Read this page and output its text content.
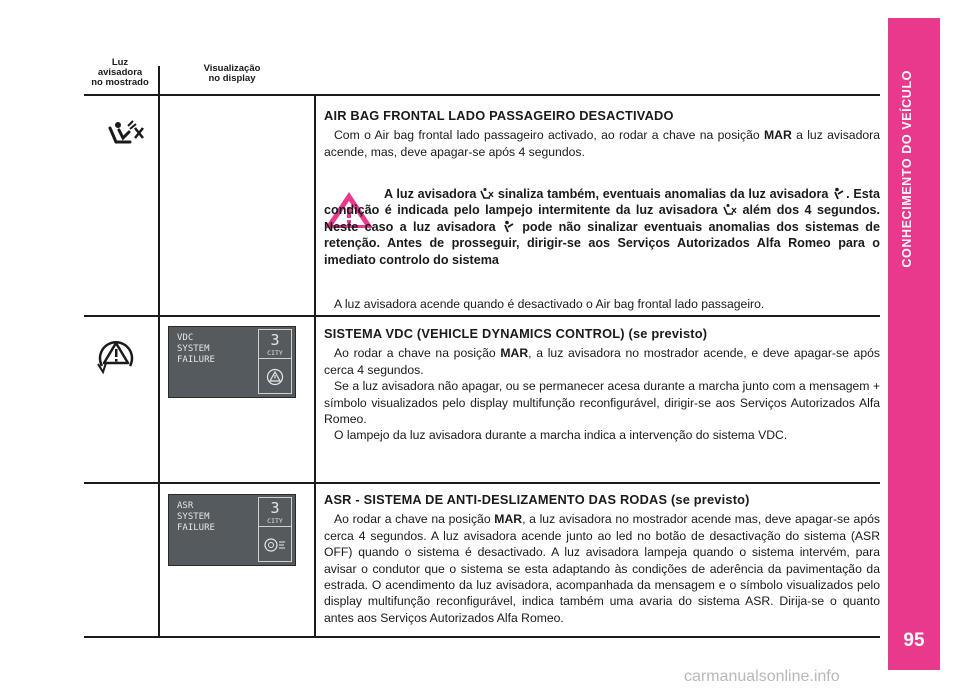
CONHECIMENTO DO VEÍCULO
95
Luz
avisadora
no mostrado
Visualização
no display
AIR BAG FRONTAL LADO PASSAGEIRO DESACTIVADO

Com o Air bag frontal lado passageiro activado, ao rodar a chave na posição MAR a luz avisadora acende, mas, deve apagar-se após 4 segundos.

A luz avisadora  sinaliza também, eventuais anomalias da luz avisadora . Esta condição é indicada pelo lampejo intermitente da luz avisadora  além dos 4 segundos. Neste caso a luz avisadora  pode não sinalizar eventuais anomalias dos sistemas de retenção. Antes de prosseguir, dirigir-se aos Serviços Autorizados Alfa Romeo para o imediato controlo do sistema

A luz avisadora acende quando é desactivado o Air bag frontal lado passageiro.

VDC
SYSTEM
FAILURE
3
CITY
SISTEMA VDC (VEHICLE DYNAMICS CONTROL) (se previsto)

Ao rodar a chave na posição MAR, a luz avisadora no mostrador acende, e deve apagar-se após cerca 4 segundos.

Se a luz avisadora não apagar, ou se permanecer acesa durante a marcha junto com a mensagem + símbolo visualizados pelo display multifunção reconfigurável, dirigir-se aos Serviços Autorizados Alfa Romeo.

O lampejo da luz avisadora durante a marcha indica a intervenção do sistema VDC.

ASR
SYSTEM
FAILURE
3
CITY
ASR - SISTEMA DE ANTI-DESLIZAMENTO DAS RODAS (se previsto)

Ao rodar a chave na posição MAR, a luz avisadora no mostrador acende mas, deve apagar-se após cerca 4 segundos. A luz avisadora acende junto ao led no botão de desactivação do sistema (ASR OFF) quando o sistema é desactivado. A luz avisadora lampeja quando o sistema intervém, para avisar o condutor que o sistema se esta adaptando às condições de aderência da pavimentação da estrada. O acendimento da luz avisadora, acompanhada da mensagem e o símbolo visualizados pelo display multifunção reconfigurável, indica também uma avaria do sistema ASR. Dirija-se o quanto antes aos Serviços Autorizados Alfa Romeo.

carmanualsonline.info
